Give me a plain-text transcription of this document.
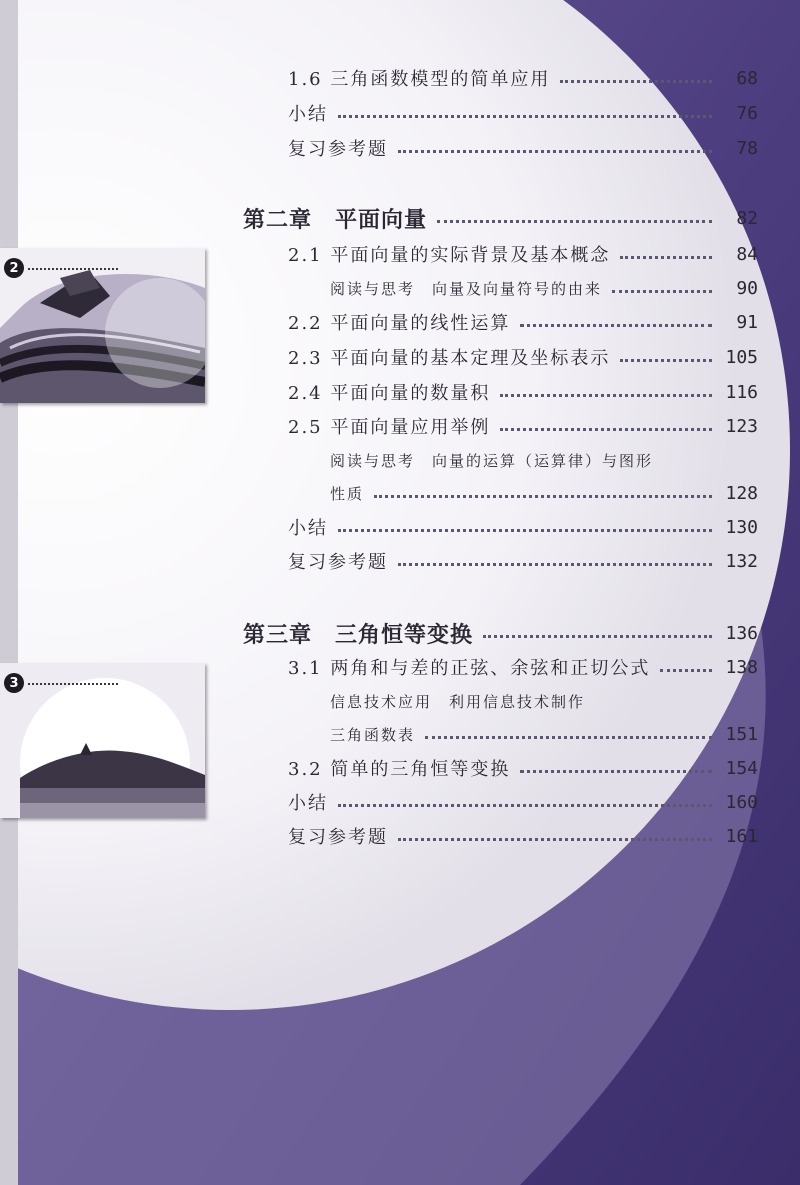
1.6 三角函数模型的简单应用	68
小结	76
复习参考题	78
第二章　平面向量	82
2
2.1 平面向量的实际背景及基本概念	84
阅读与思考　向量及向量符号的由来	90
2.2 平面向量的线性运算	91
2.3 平面向量的基本定理及坐标表示	105
2.4 平面向量的数量积	116
2.5 平面向量应用举例	123
阅读与思考　向量的运算（运算律）与图形
性质	128
小结	130
复习参考题	132
第三章　三角恒等变换	136
3
3.1 两角和与差的正弦、余弦和正切公式	138
信息技术应用　利用信息技术制作
三角函数表	151
3.2 简单的三角恒等变换	154
小结	160
复习参考题	161
